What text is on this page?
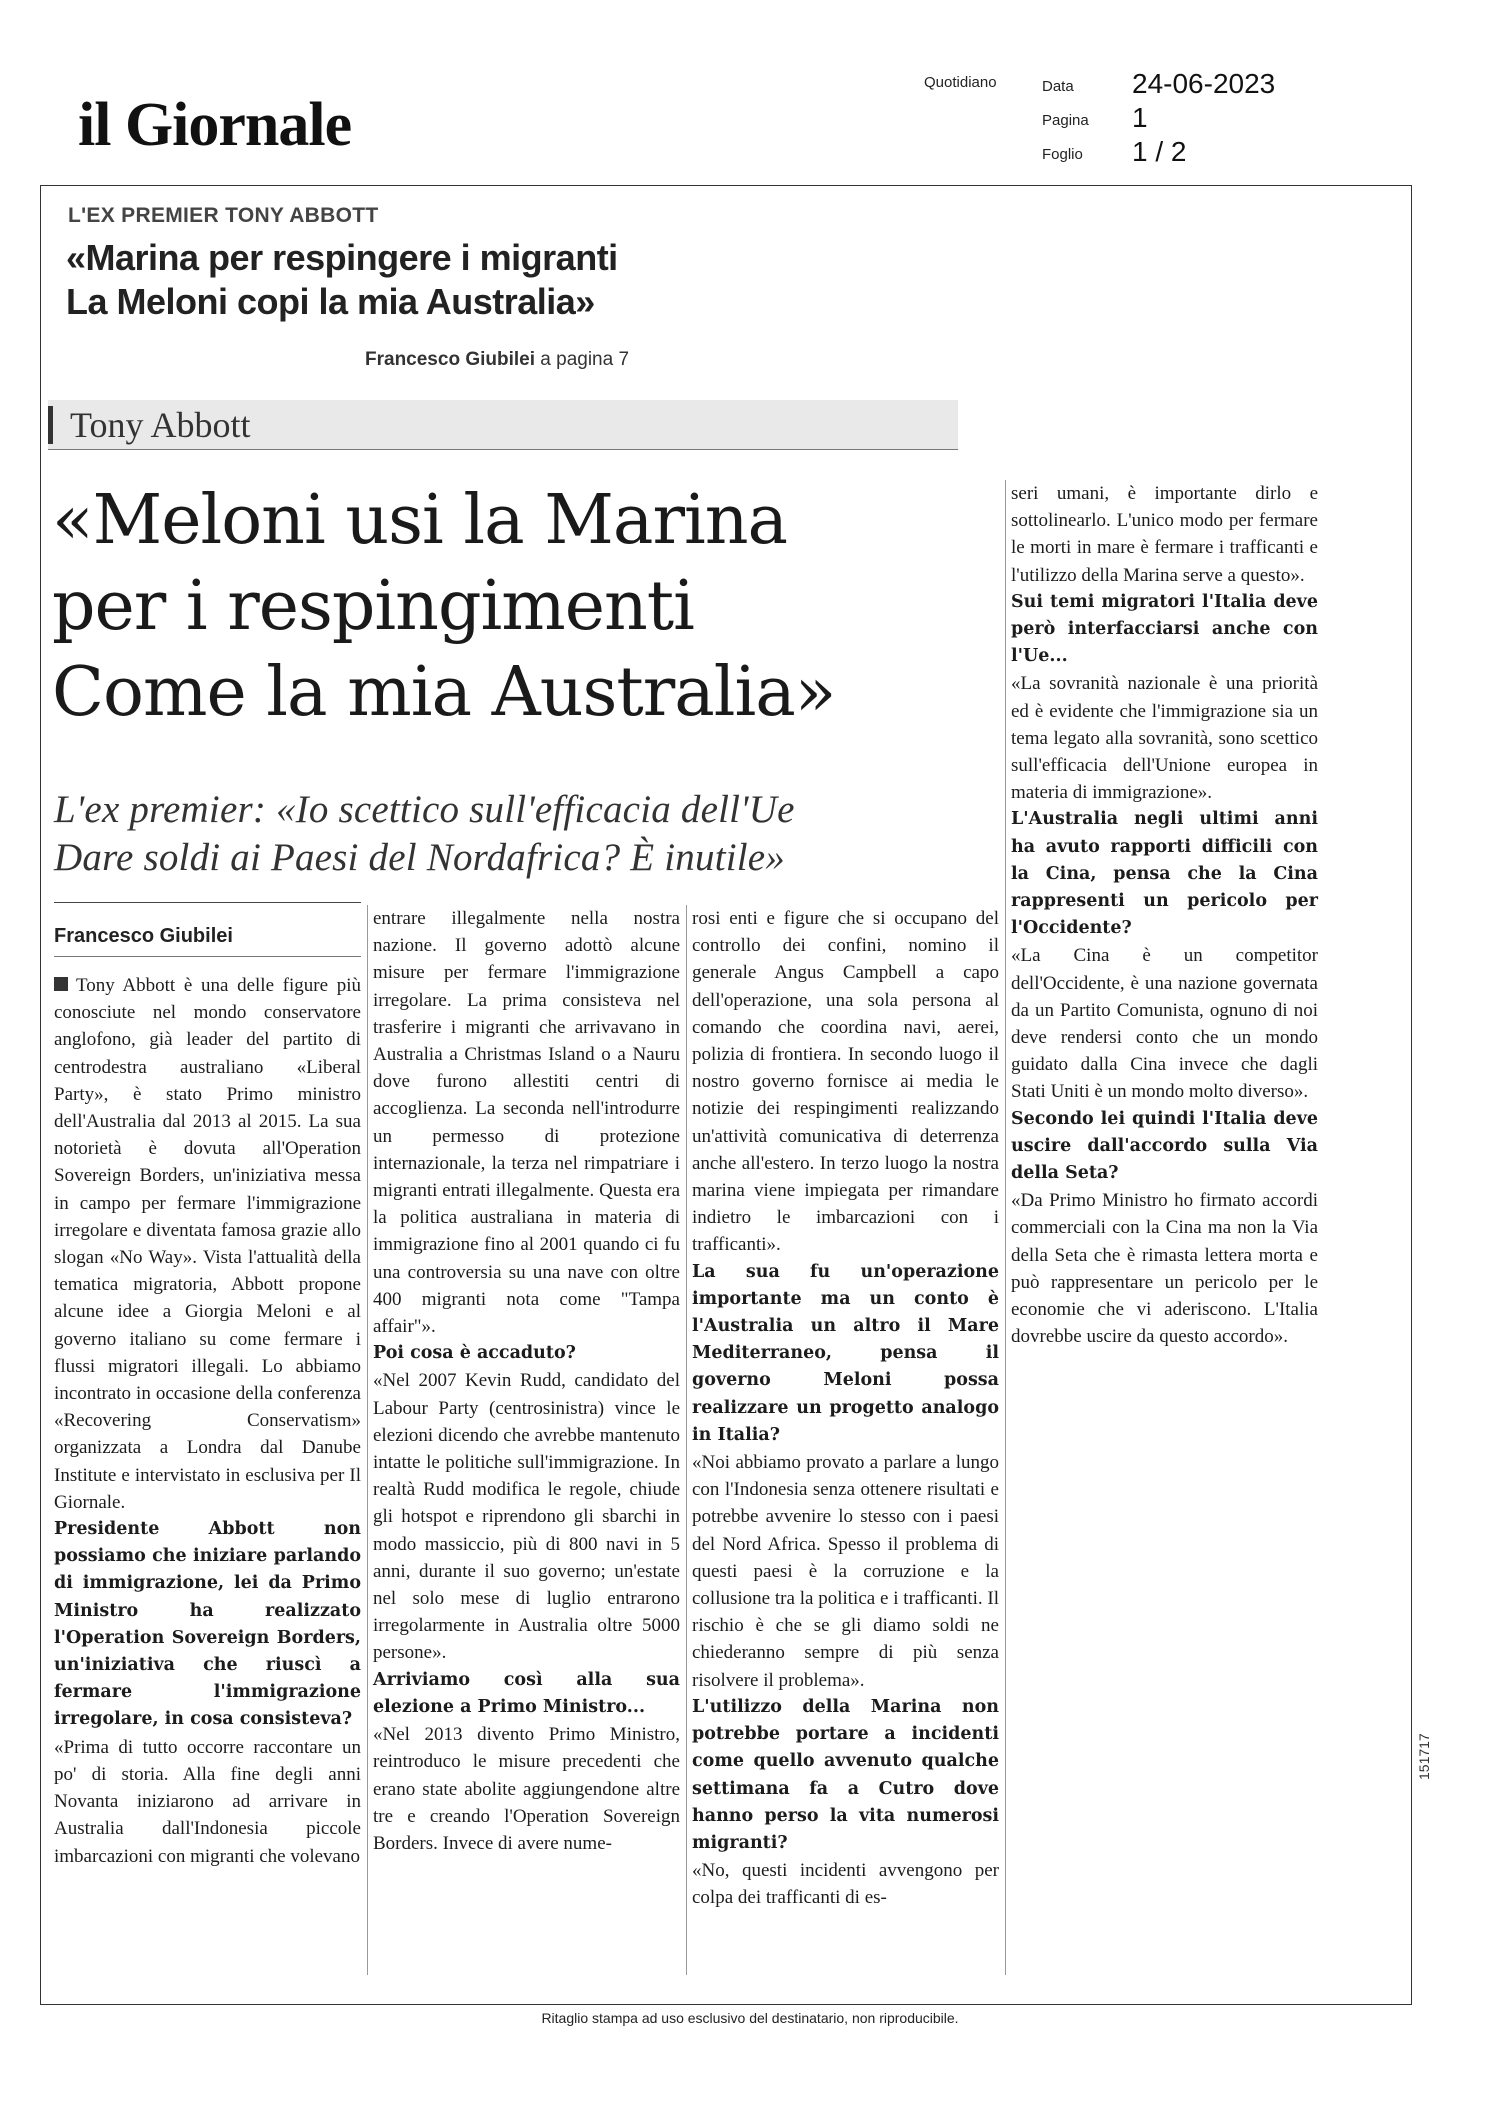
il Giornale
Quotidiano	Data 24-06-2023
Pagina 1
Foglio 1 / 2
L'EX PREMIER TONY ABBOTT
«Marina per respingere i migranti
La Meloni copi la mia Australia»
Francesco Giubilei a pagina 7
Tony Abbott
«Meloni usi la Marina
per i respingimenti
Come la mia Australia»
L'ex premier: «Io scettico sull'efficacia dell'Ue
Dare soldi ai Paesi del Nordafrica? È inutile»
Francesco Giubilei

Tony Abbott è una delle figure più conosciute nel mondo conservatore anglofono, già leader del partito di centrodestra australiano «Liberal Party», è stato Primo ministro dell'Australia dal 2013 al 2015. La sua notorietà è dovuta all'Operation Sovereign Borders, un'iniziativa messa in campo per fermare l'immigrazione irregolare e diventata famosa grazie allo slogan «No Way». Vista l'attualità della tematica migratoria, Abbott propone alcune idee a Giorgia Meloni e al governo italiano su come fermare i flussi migratori illegali. Lo abbiamo incontrato in occasione della conferenza «Recovering Conservatism» organizzata a Londra dal Danube Institute e intervistato in esclusiva per Il Giornale.

Presidente Abbott non possiamo che iniziare parlando di immigrazione, lei da Primo Ministro ha realizzato l'Operation Sovereign Borders, un'iniziativa che riuscì a fermare l'immigrazione irregolare, in cosa consisteva?

«Prima di tutto occorre raccontare un po' di storia. Alla fine degli anni Novanta iniziarono ad arrivare in Australia dall'Indonesia piccole imbarcazioni con migranti che volevano

entrare illegalmente nella nostra nazione. Il governo adottò alcune misure per fermare l'immigrazione irregolare. La prima consisteva nel trasferire i migranti che arrivavano in Australia a Christmas Island o a Nauru dove furono allestiti centri di accoglienza. La seconda nell'introdurre un permesso di protezione internazionale, la terza nel rimpatriare i migranti entrati illegalmente. Questa era la politica australiana in materia di immigrazione fino al 2001 quando ci fu una controversia su una nave con oltre 400 migranti nota come "Tampa affair"».

Poi cosa è accaduto?

«Nel 2007 Kevin Rudd, candidato del Labour Party (centrosinistra) vince le elezioni dicendo che avrebbe mantenuto intatte le politiche sull'immigrazione. In realtà Rudd modifica le regole, chiude gli hotspot e riprendono gli sbarchi in modo massiccio, più di 800 navi in 5 anni, durante il suo governo; un'estate nel solo mese di luglio entrarono irregolarmente in Australia oltre 5000 persone».

Arriviamo così alla sua elezione a Primo Ministro...

«Nel 2013 divento Primo Ministro, reintroduco le misure precedenti che erano state abolite aggiungendone altre tre e creando l'Operation Sovereign Borders. Invece di avere nume-

rosi enti e figure che si occupano del controllo dei confini, nomino il generale Angus Campbell a capo dell'operazione, una sola persona al comando che coordina navi, aerei, polizia di frontiera. In secondo luogo il nostro governo fornisce ai media le notizie dei respingimenti realizzando un'attività comunicativa di deterrenza anche all'estero. In terzo luogo la nostra marina viene impiegata per rimandare indietro le imbarcazioni con i trafficanti».

La sua fu un'operazione importante ma un conto è l'Australia un altro il Mare Mediterraneo, pensa il governo Meloni possa realizzare un progetto analogo in Italia?

«Noi abbiamo provato a parlare a lungo con l'Indonesia senza ottenere risultati e potrebbe avvenire lo stesso con i paesi del Nord Africa. Spesso il problema di questi paesi è la corruzione e la collusione tra la politica e i trafficanti. Il rischio è che se gli diamo soldi ne chiederanno sempre di più senza risolvere il problema».

L'utilizzo della Marina non potrebbe portare a incidenti come quello avvenuto qualche settimana fa a Cutro dove hanno perso la vita numerosi migranti?

«No, questi incidenti avvengono per colpa dei trafficanti di es-

seri umani, è importante dirlo e sottolinearlo. L'unico modo per fermare le morti in mare è fermare i trafficanti e l'utilizzo della Marina serve a questo».

Sui temi migratori l'Italia deve però interfacciarsi anche con l'Ue...

«La sovranità nazionale è una priorità ed è evidente che l'immigrazione sia un tema legato alla sovranità, sono scettico sull'efficacia dell'Unione europea in materia di immigrazione».

L'Australia negli ultimi anni ha avuto rapporti difficili con la Cina, pensa che la Cina rappresenti un pericolo per l'Occidente?

«La Cina è un competitor dell'Occidente, è una nazione governata da un Partito Comunista, ognuno di noi deve rendersi conto che un mondo guidato dalla Cina invece che dagli Stati Uniti è un mondo molto diverso».

Secondo lei quindi l'Italia deve uscire dall'accordo sulla Via della Seta?

«Da Primo Ministro ho firmato accordi commerciali con la Cina ma non la Via della Seta che è rimasta lettera morta e può rappresentare un pericolo per le economie che vi aderiscono. L'Italia dovrebbe uscire da questo accordo».

151717
Ritaglio stampa ad uso esclusivo del destinatario, non riproducibile.
